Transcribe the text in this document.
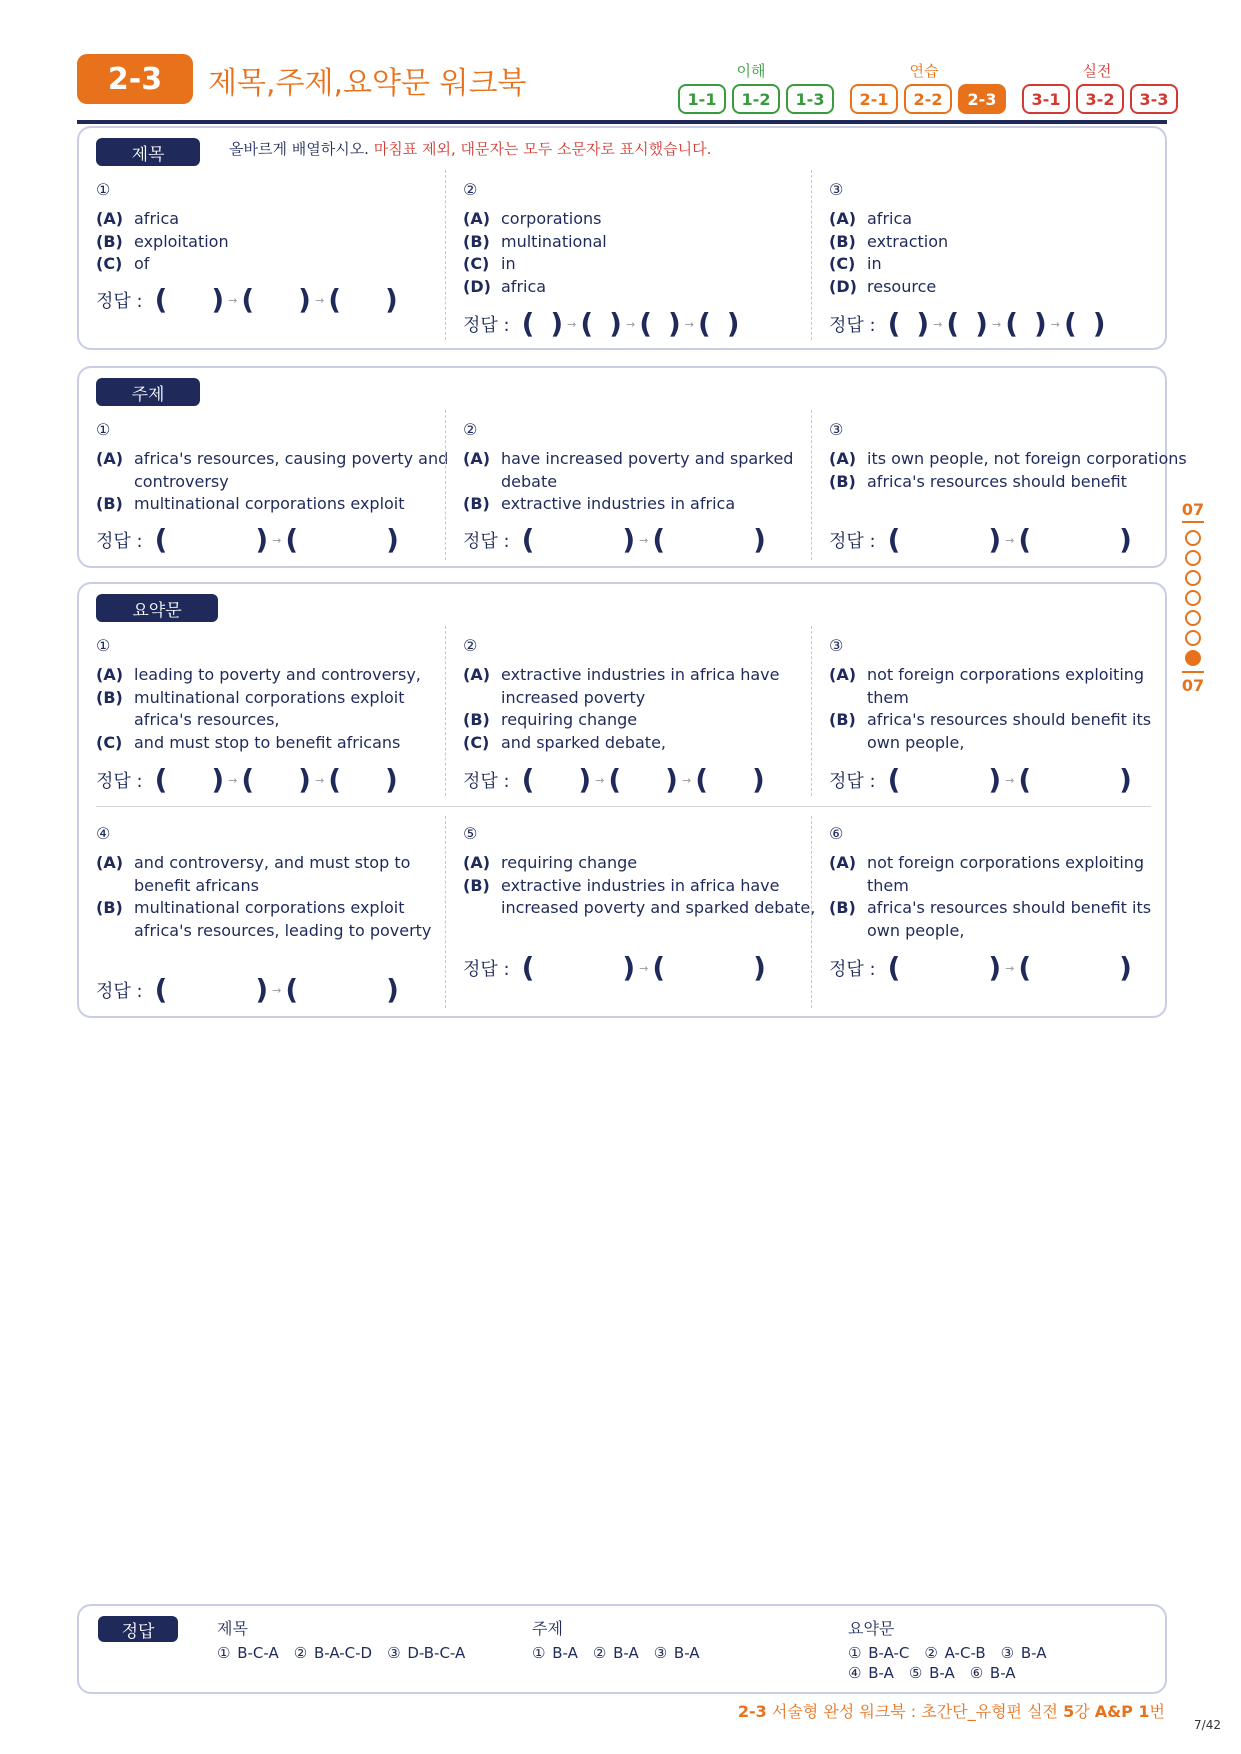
2-3	제목,주제,요약문 워크북	이해	연습	실전
1-1	1-2	1-3	2-1	2-2	2-3	3-1	3-2	3-3
제목	올바르게 배열하시오. 마침표 제외, 대문자는 모두 소문자로 표시했습니다.
①
(A) africa
(B) exploitation
(C) of
정답 : ( ) → ( ) → ( )
②
(A) corporations
(B) multinational
(C) in
(D) africa
정답 : ( ) → ( ) → ( ) → ( )
③
(A) africa
(B) extraction
(C) in
(D) resource
정답 : ( ) → ( ) → ( ) → ( )
주제
①
(A) africa's resources, causing poverty and controversy
(B) multinational corporations exploit
②
(A) have increased poverty and sparked debate
(B) extractive industries in africa
③
(A) its own people, not foreign corporations
(B) africa's resources should benefit
정답 : (	) → (	)	정답 : (	) → (	)	정답 : (	) → (	)
요약문
①
(A) leading to poverty and controversy,
(B) multinational corporations exploit africa's resources,
(C) and must stop to benefit africans
②
(A) extractive industries in africa have increased poverty
(B) requiring change
(C) and sparked debate,
③
(A) not foreign corporations exploiting them
(B) africa's resources should benefit its own people,
정답 : ( ) → ( ) → ( )	정답 : ( ) → ( ) → ( )	정답 : (	) → (	)
④
(A) and controversy, and must stop to benefit africans
(B) multinational corporations exploit africa's resources, leading to poverty
⑤
(A) requiring change
(B) extractive industries in africa have increased poverty and sparked debate,
⑥
(A) not foreign corporations exploiting them
(B) africa's resources should benefit its own people,
정답 : (	) → (	)
정답 : (	) → (	)	정답 : (	) → (	)
07
07
정답	제목
① B-C-A　② B-A-C-D　③ D-B-C-A
주제
① B-A　② B-A　③ B-A
요약문
① B-A-C　② A-C-B　③ B-A
④ B-A　⑤ B-A　⑥ B-A
2-3 서술형 완성 워크북 : 초간단_유형편 실전 5강 A&P 1번
7/42
